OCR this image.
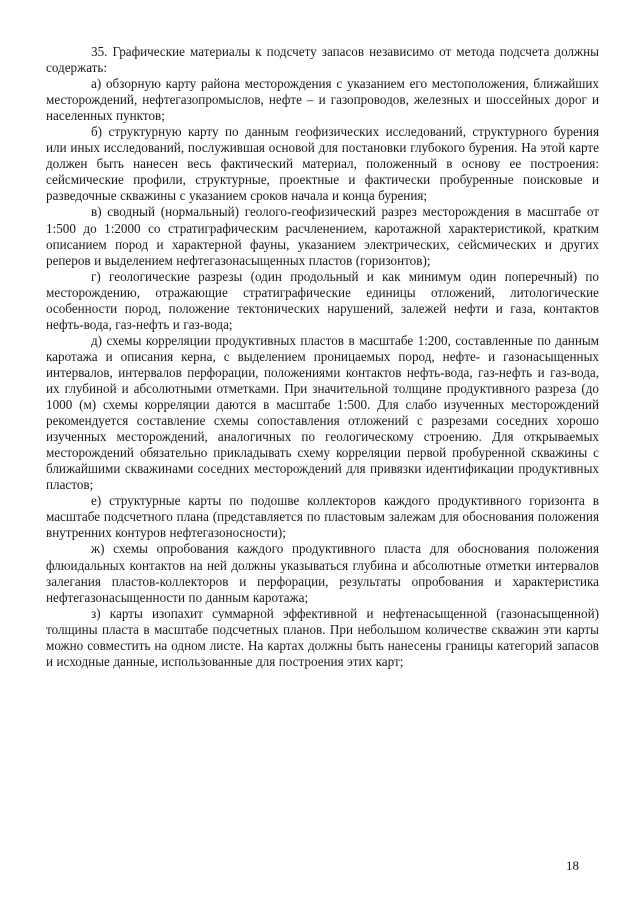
35. Графические материалы к подсчету запасов независимо от метода подсчета должны содержать:

а) обзорную карту района месторождения с указанием его местоположения, ближайших месторождений, нефтегазопромыслов, нефте – и газопроводов, железных и шоссейных дорог и населенных пунктов;

б) структурную карту по данным геофизических исследований, структурного бурения или иных исследований, послужившая основой для постановки глубокого бурения. На этой карте должен быть нанесен весь фактический материал, положенный в основу ее построения: сейсмические профили, структурные, проектные и фактически пробуренные поисковые и разведочные скважины с указанием сроков начала и конца бурения;

в) сводный (нормальный) геолого-геофизический разрез месторождения в масштабе от 1:500 до 1:2000 со стратиграфическим расчленением, каротажной характеристикой, кратким описанием пород и характерной фауны, указанием электрических, сейсмических и других реперов и выделением нефтегазонасыщенных пластов (горизонтов);

г) геологические разрезы (один продольный и как минимум один поперечный) по месторождению, отражающие стратиграфические единицы отложений, литологические особенности пород, положение тектонических нарушений, залежей нефти и газа, контактов нефть-вода, газ-нефть и газ-вода;

д) схемы корреляции продуктивных пластов в масштабе 1:200, составленные по данным каротажа и описания керна, с выделением проницаемых пород, нефте- и газонасыщенных интервалов, интервалов перфорации, положениями контактов нефть-вода, газ-нефть и газ-вода, их глубиной и абсолютными отметками. При значительной толщине продуктивного разреза (до 1000 (м) схемы корреляции даются в масштабе 1:500. Для слабо изученных месторождений рекомендуется составление схемы сопоставления отложений с разрезами соседних хорошо изученных месторождений, аналогичных по геологическому строению. Для открываемых месторождений обязательно прикладывать схему корреляции первой пробуренной скважины с ближайшими скважинами соседних месторождений для привязки идентификации продуктивных пластов;

е) структурные карты по подошве коллекторов каждого продуктивного горизонта в масштабе подсчетного плана (представляется по пластовым залежам для обоснования положения внутренних контуров нефтегазоносности);

ж) схемы опробования каждого продуктивного пласта для обоснования положения флюидальных контактов на ней должны указываться глубина и абсолютные отметки интервалов залегания пластов-коллекторов и перфорации, результаты опробования и характеристика нефтегазонасыщенности по данным каротажа;

з) карты изопахит суммарной эффективной и нефтенасыщенной (газонасыщенной) толщины пласта в масштабе подсчетных планов. При небольшом количестве скважин эти карты можно совместить на одном листе. На картах должны быть нанесены границы категорий запасов и исходные данные, использованные для построения этих карт;

18
